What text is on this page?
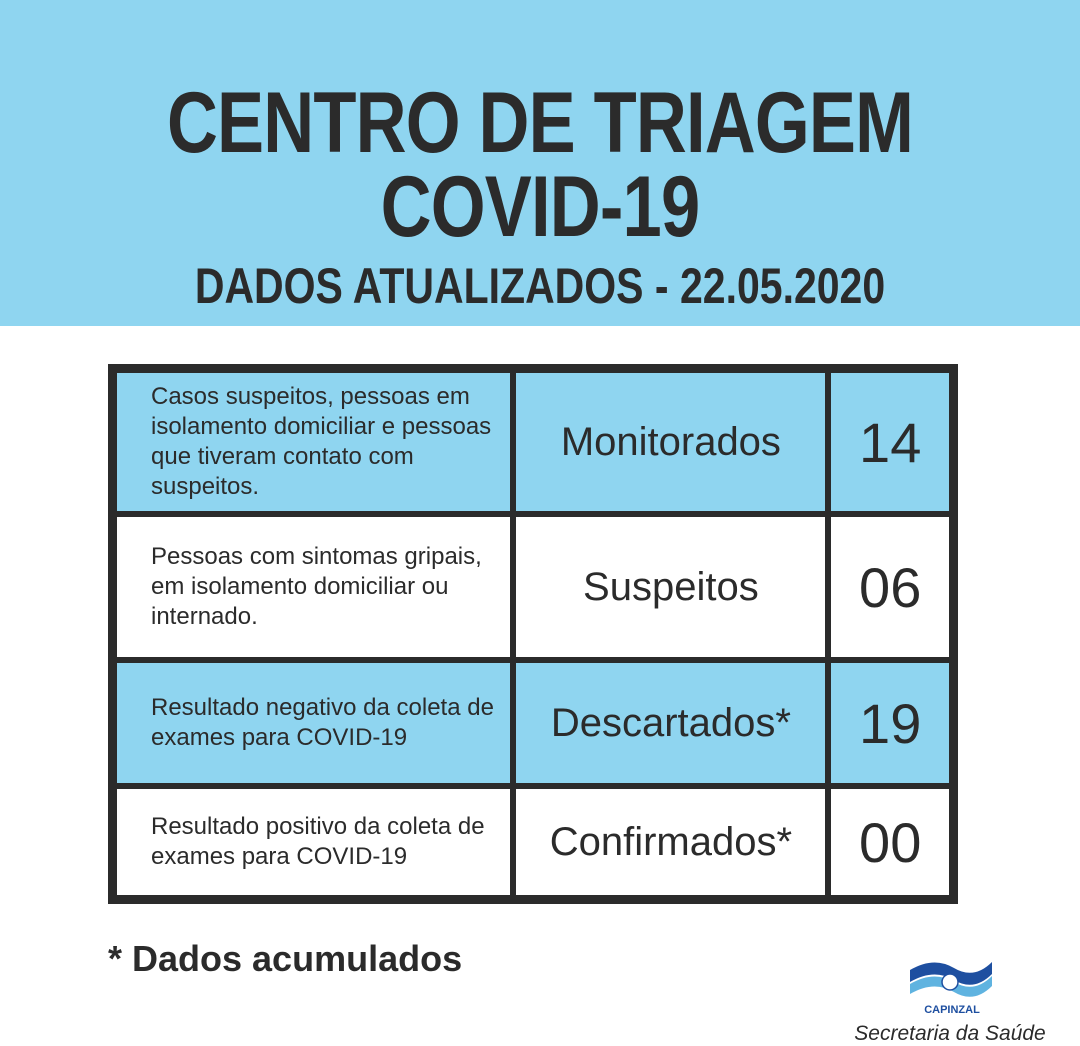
CENTRO DE TRIAGEM
COVID-19
DADOS ATUALIZADOS - 22.05.2020
Casos suspeitos, pessoas em isolamento domiciliar e pessoas que tiveram contato com suspeitos.	Monitorados	14
Pessoas com sintomas gripais, em isolamento domiciliar ou internado.	Suspeitos	06
Resultado negativo da coleta de exames para COVID-19	Descartados*	19
Resultado positivo da coleta de exames para COVID-19	Confirmados*	00
* Dados acumulados
CAPINZAL
Secretaria da Saúde
